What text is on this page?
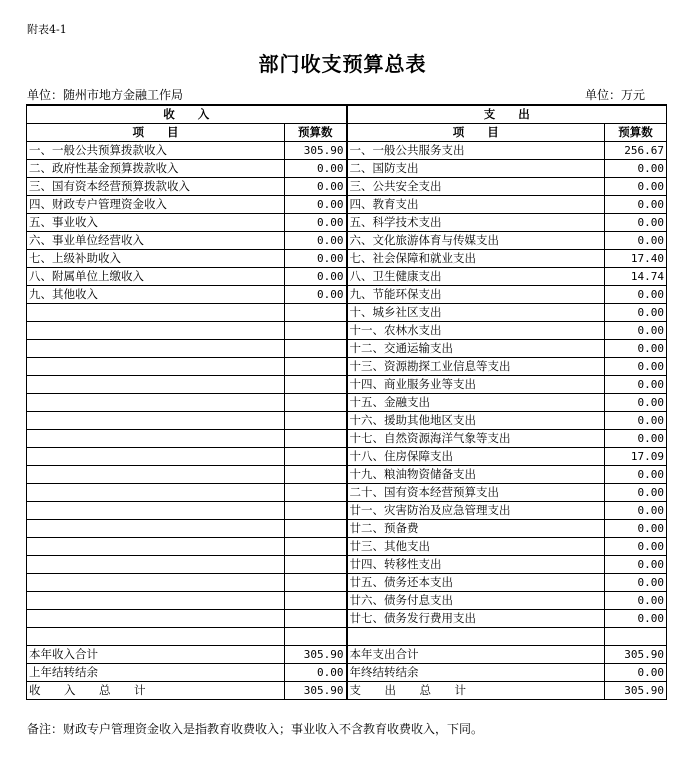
附表4-1
部门收支预算总表
单位：随州市地方金融工作局	单位：万元
收　　入		支　　出	
项　　目	预算数	项　　目	预算数
一、一般公共预算拨款收入	305.90	一、一般公共服务支出	256.67
二、政府性基金预算拨款收入	0.00	二、国防支出	0.00
三、国有资本经营预算拨款收入	0.00	三、公共安全支出	0.00
四、财政专户管理资金收入	0.00	四、教育支出	0.00
五、事业收入	0.00	五、科学技术支出	0.00
六、事业单位经营收入	0.00	六、文化旅游体育与传媒支出	0.00
七、上级补助收入	0.00	七、社会保障和就业支出	17.40
八、附属单位上缴收入	0.00	八、卫生健康支出	14.74
九、其他收入	0.00	九、节能环保支出	0.00
		十、城乡社区支出	0.00
		十一、农林水支出	0.00
		十二、交通运输支出	0.00
		十三、资源勘探工业信息等支出	0.00
		十四、商业服务业等支出	0.00
		十五、金融支出	0.00
		十六、援助其他地区支出	0.00
		十七、自然资源海洋气象等支出	0.00
		十八、住房保障支出	17.09
		十九、粮油物资储备支出	0.00
		二十、国有资本经营预算支出	0.00
		廿一、灾害防治及应急管理支出	0.00
		廿二、预备费	0.00
		廿三、其他支出	0.00
		廿四、转移性支出	0.00
		廿五、债务还本支出	0.00
		廿六、债务付息支出	0.00
		廿七、债务发行费用支出	0.00

本年收入合计	305.90	本年支出合计	305.90
上年结转结余	0.00	年终结转结余	0.00
收　入　总　计	305.90	支　出　总　计	305.90
备注：财政专户管理资金收入是指教育收费收入；事业收入不含教育收费收入，下同。
